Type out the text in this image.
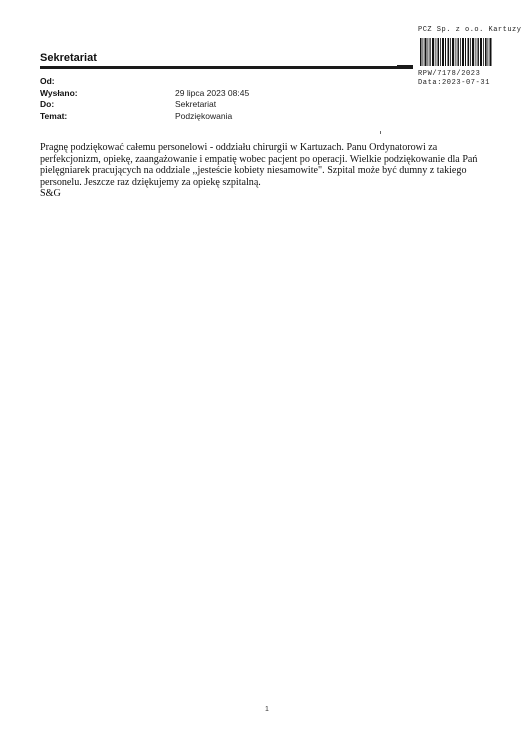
PCZ Sp. z o.o. Kartuzy
RPW/7178/2023
Data:2023-07-31
Sekretariat
Od:
Wysłano:	29 lipca 2023 08:45
Do:	Sekretariat
Temat:	Podziękowania

Pragnę podziękować całemu personelowi - oddziału chirurgii w Kartuzach. Panu Ordynatorowi za

perfekcjonizm, opiekę, zaangażowanie i empatię wobec pacjent po operacji. Wielkie podziękowanie dla Pań

pielęgniarek pracujących na oddziale ,,jesteście kobiety niesamowite". Szpital może być dumny z takiego

personelu. Jeszcze raz dziękujemy za opiekę szpitalną.

S&G

1
